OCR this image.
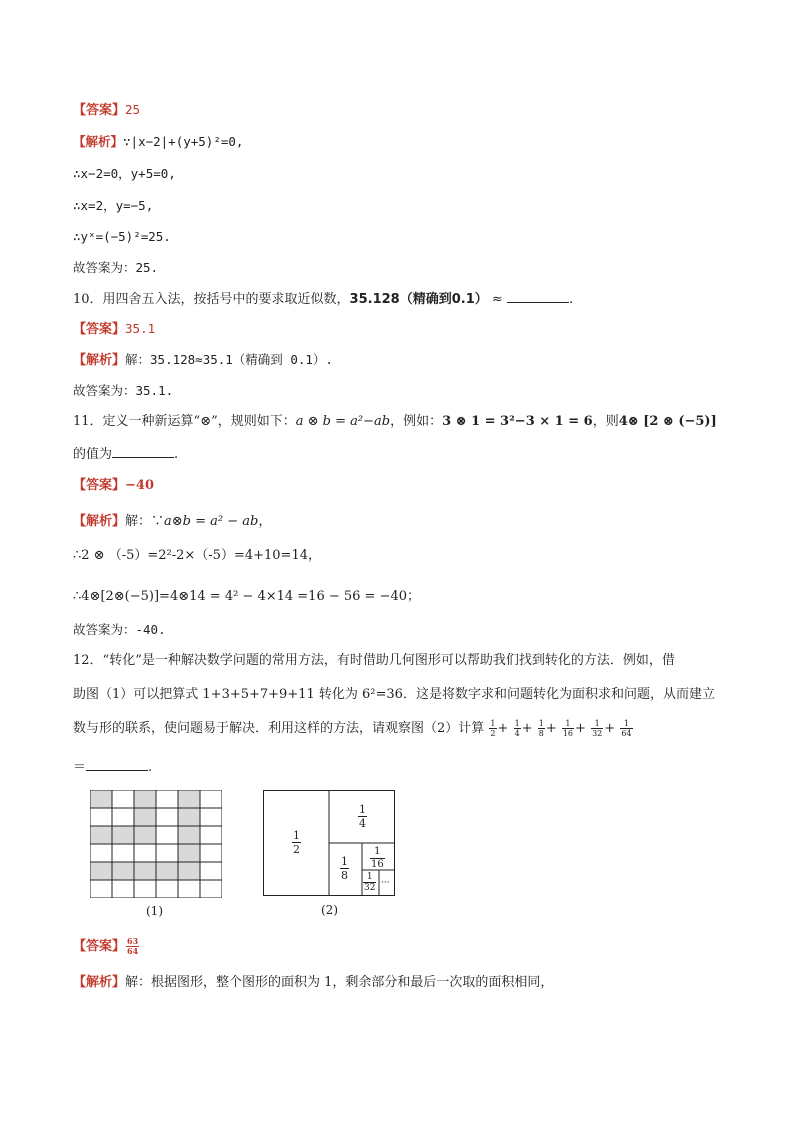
【答案】25
【解析】∵|x−2|+(y+5)²=0,
∴x−2=0，y+5=0,
∴x=2，y=−5,
∴yˣ=(−5)²=25.
故答案为：25.
10．用四舍五入法，按括号中的要求取近似数，35.128（精确到0.1） ≈	.
【答案】35.1
【解析】解：35.128≈35.1（精确到 0.1）.
故答案为：35.1.
11．定义一种新运算“⊗”，规则如下：a ⊗ b = a²−ab，例如：3 ⊗ 1 = 3²−3 × 1 = 6，则4⊗ [2 ⊗ (−5)]
的值为	.
【答案】−40
【解析】解：∵a⊗b = a² − ab，
∴2 ⊗ （-5）=2²-2×（-5）=4+10=14，
∴4⊗[2⊗(−5)]=4⊗14 = 4² − 4×14 =16 − 56 = −40；
故答案为：-40.
12．“转化”是一种解决数学问题的常用方法，有时借助几何图形可以帮助我们找到转化的方法．例如，借
助图（1）可以把算式 1+3+5+7+9+11 转化为 6²=36．这是将数字求和问题转化为面积求和问题，从而建立
数与形的联系，使问题易于解决．利用这样的方法，请观察图（2）计算 $\frac{1}{2} + \frac{1}{4} + \frac{1}{8} + \frac{1}{16} + \frac{1}{32} + \frac{1}{64}$
＝	.
(1)
$\frac{1}{2}$
$\frac{1}{4}$
$\frac{1}{8} \frac{1}{16}$
$\frac{1}{32}$ ···
(2)
【答案】 $\frac{63}{64}$
【解析】解：根据图形，整个图形的面积为 1，剩余部分和最后一次取的面积相同，
